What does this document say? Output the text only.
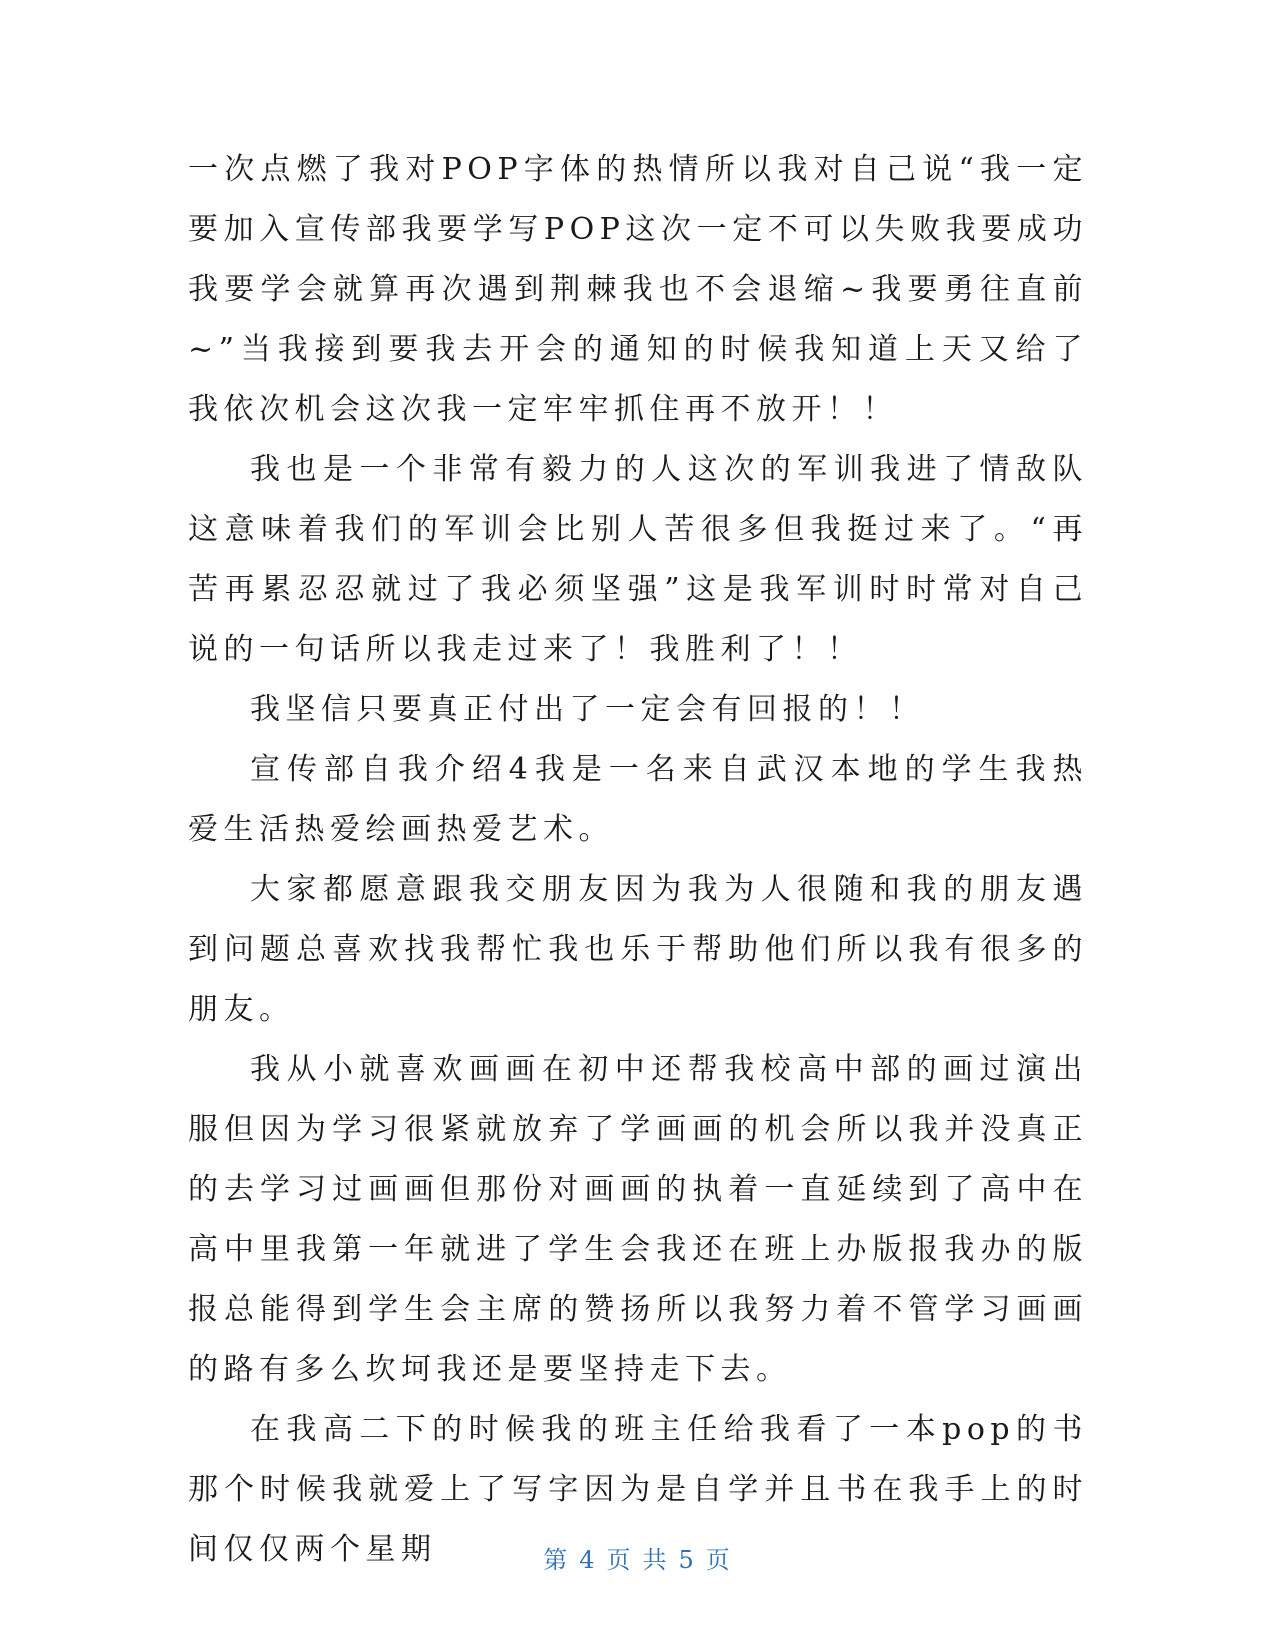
一次点燃了我对POP字体的热情所以我对自己说“我一定要加入宣传部我要学写POP这次一定不可以失败我要成功我要学会就算再次遇到荆棘我也不会退缩~我要勇往直前~”当我接到要我去开会的通知的时候我知道上天又给了我依次机会这次我一定牢牢抓住再不放开！！

我也是一个非常有毅力的人这次的军训我进了情敌队这意味着我们的军训会比别人苦很多但我挺过来了。“再苦再累忍忍就过了我必须坚强”这是我军训时时常对自己说的一句话所以我走过来了！我胜利了！！

我坚信只要真正付出了一定会有回报的！！

宣传部自我介绍4我是一名来自武汉本地的学生我热爱生活热爱绘画热爱艺术。

大家都愿意跟我交朋友因为我为人很随和我的朋友遇到问题总喜欢找我帮忙我也乐于帮助他们所以我有很多的朋友。

我从小就喜欢画画在初中还帮我校高中部的画过演出服但因为学习很紧就放弃了学画画的机会所以我并没真正的去学习过画画但那份对画画的执着一直延续到了高中在高中里我第一年就进了学生会我还在班上办版报我办的版报总能得到学生会主席的赞扬所以我努力着不管学习画画的路有多么坎坷我还是要坚持走下去。

在我高二下的时候我的班主任给我看了一本pop的书那个时候我就爱上了写字因为是自学并且书在我手上的时间仅仅两个星期	第 4 页 共 5 页
